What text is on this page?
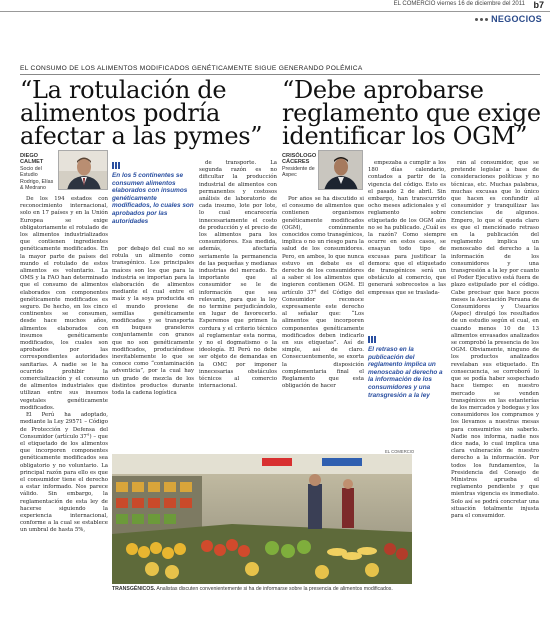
EL COMERCIO viernes 16 de diciembre del 2011 b7
NEGOCIOS
EL CONSUMO DE LOS ALIMENTOS MODIFICADOS GENÉTICAMENTE SIGUE GENERANDO POLÉMICA
“La rotulación de alimentos podría afectar a las pymes”
“Debe aprobarse reglamento que exige identificar los OGM”
DIEGO CALMET
Socio del Estudio Rodrigo, Elías & Medrano

De los 194 estados con reconocimiento internacional, solo en 17 países y en la Unión Europea se exige obligatoriamente el rotulado de los alimentos industrializados que contienen ingredientes genéticamente modificados. En la mayor parte de países del mundo el rotulado de estos alimentos es voluntario. La OMS y la FAO han determinado que el consumo de alimentos elaborados con componentes genéticamente modificados es seguro. De hecho, en los cinco continentes se consumen, desde hace muchos años, alimentos elaborados con insumos genéticamente modificados, los cuales son aprobados por las correspondientes autoridades sanitarias. A nadie se le ha ocurrido prohibir la comercialización y el consumo de alimentos industriales que utilizan entre sus insumos vegetales genéticamente modificados.

El Perú ha adoptado, mediante la Ley 29571 – Código de Protección y Defensa del Consumidor (artículo 37°) – que el etiquetado de los alimentos que incorporen componentes genéticamente modificados sea obligatorio y no voluntario. La principal razón para ello es que el consumidor tiene el derecho a estar informado. Nos parece válido. Sin embargo, la reglamentación de esta ley de hacerse siguiendo la experiencia internacional, conforme a la cual se establece un umbral de hasta 5%,

En los 5 continentes se consumen alimentos elaborados con insumos genéticamente modificados, lo cuales son aprobados por las autoridades

por debajo del cual no se rotula un alimento como transgénico. Los principales maíces son los que para la industria se importan para la elaboración de alimentos mediante el cual entre el maíz y la soya producida en el mundo proviene de semillas genéticamente modificadas y se transporta en buques graneleros conjuntamente con granos que no son genéticamente modificados, produciéndose inevitablemente lo que se conoce como “contaminación adventicia”, por la cual hay un grado de mezcla de los distintos productos durante toda la cadena logística

de transporte. La segunda razón es no dificultar la producción industrial de alimentos con permanentes y costosos análisis de laboratorio de cada insumo, lote por lote, lo cual encarecería innecesariamente el costo de producción y el precio de los alimentos para los consumidores. Esa medida, además, afectaría seriamente la permanencia de las pequeñas y medianas industrias del mercado. Es importante que al consumidor se le de información que sea relevante, para que la ley no termine perjudicándolo, en lugar de favorecerlo. Esperemos que primen la cordura y el criterio técnico al reglamentar esta norma, y no el dogmatismo o la ideología. El Perú no debe ser objeto de demandas en la OMC por imponer innecesarias obstáculos técnicos al comercio internacional.

CRISÓLOGO CÁCERES
Presidente de Aspec

Por años se ha discutido si el consumo de alimentos que contienen organismos genéticamente modificados (OGM), comúnmente conocidos como transgénicos, implica o no un riesgo para la salud de los consumidores. Pero, en ambos, lo que nunca estuvo en debate es el derecho de los consumidores a saber si los alimentos que ingieren contienen OGM. El artículo 37° del Código del Consumidor reconoce expresamente este derecho al señalar que: “Los alimentos que incorporen componentes genéticamente modificados deben indicarlo en sus etiquetas”. Así de simple, así de claro. Consecuentemente, se exorta la disposición complementaria final el Reglamento que esta obligación de hacer

empezaba a cumplir a los 180 días calendario, contados a partir de la vigencia del código. Esto es el pasado 2 de abril. Sin embargo, han transcurrido ocho meses adicionales y el reglamento sobre etiquetado de los OGM aún no se ha publicado. ¿Cuál es la razón? Como siempre ocurre en estos casos, se ensayan todo tipo de excusas para justificar la demora: que el etiquetado de transgénicos será un obstáculo al comercio, que generará sobrecostos a las empresas que se traslada-

El retraso en la publicación del reglamento implica un menoscabo al derecho a la información de los consumidores y una transgresión a la ley

rán al consumidor, que se pretende legislar a base de consideraciones políticas y no técnicas, etc. Muchas palabras, muchas excusas que lo único que hacen es confundir al consumidor y tranquilizar las conciencias de algunos. Empero, lo que sí queda claro es que el menciónado retraso en la publicación del reglamento implica un menoscabo del derecho a la información de los consumidores y una transgresión a la ley por cuanto el Poder Ejecutivo está fuera de plazo estipulado por el código. Cabe precisar que hace pocos meses la Asociación Peruana de Consumidores y Usuarios (Aspec) divulgó los resultados de un estudio según el cual, en cuando menos 10 de 13 alimentos envasados analizados se comprobó la presencia de los OGM. Obviamente, ninguno de los productos analizados revelaban sus etiquetado. En consecuencia, se corroboró lo que se podía haber sospechado hace tiempo: en nuestro mercado se venden transgénicos en las estanterías de los mercados y bodegas y los consumidores los compramos y los llevamos a nuestras mesas para consumirlos sin saberlo. Nadie nos informa, nadie nos dice nada, lo cual implica una clara vulneración de nuestro derecho a la información. Por todos los fundamentos, la Presidencia del Consejo de Ministros aprueba el reglamento pendiente y que mientras vigencia es inmediato. Solo así se podrá concretar una situación totalmente injusta para el consumidor.

EL COMERCIO
TRANSGÉNICOS. Analistas discuten convenientemente si ha de informarse sobre la presencia de alimentos modificados.
